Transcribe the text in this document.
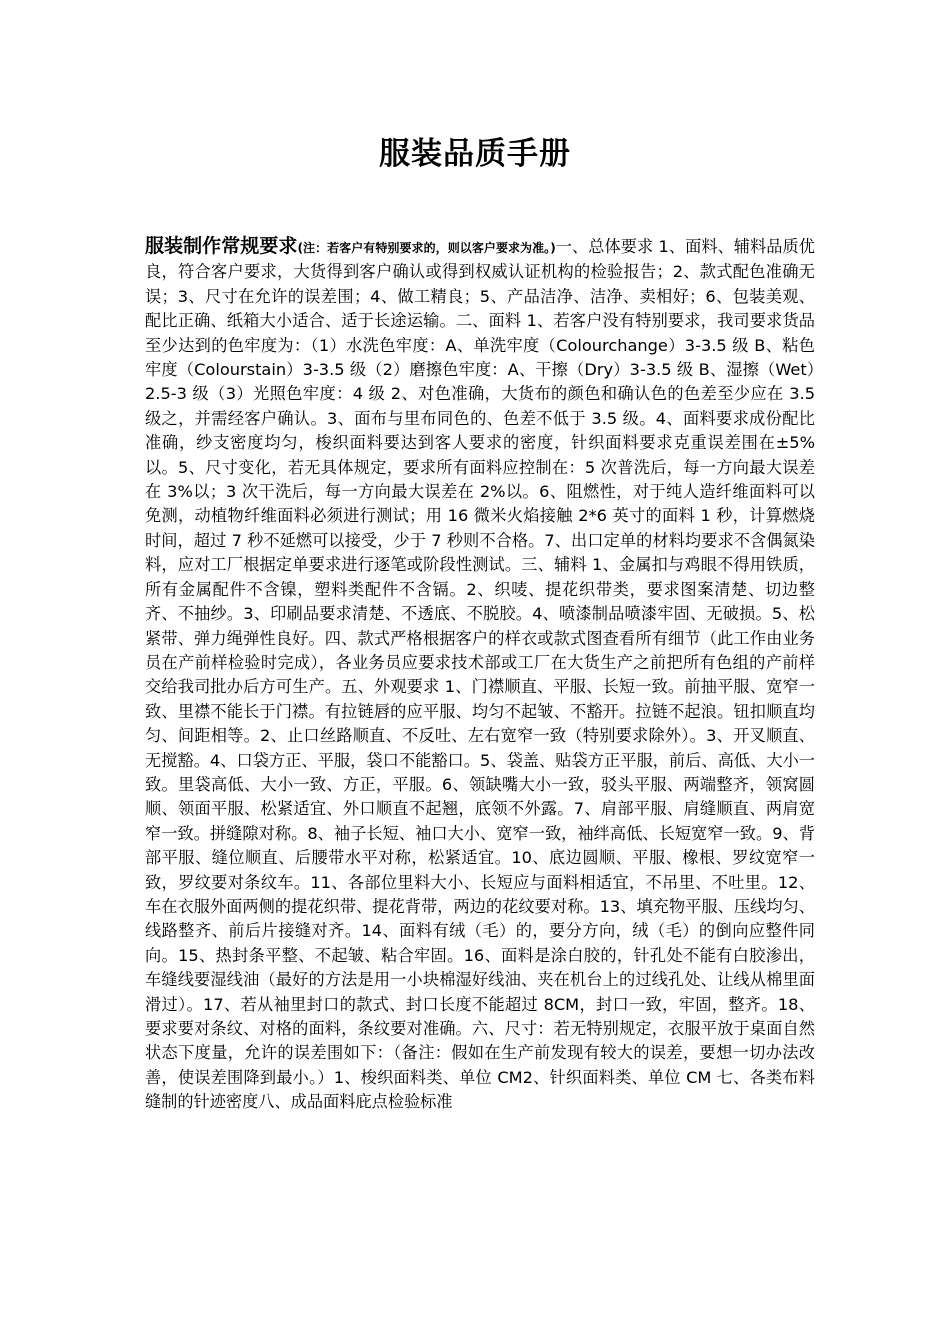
服装品质手册

服装制作常规要求(注：若客户有特别要求的，则以客户要求为准。)一、总体要求 1、面料、辅料品质优良，符合客户要求，大货得到客户确认或得到权威认证机构的检验报告；2、款式配色准确无误；3、尺寸在允许的误差围；4、做工精良；5、产品洁净、洁净、卖相好；6、包装美观、配比正确、纸箱大小适合、适于长途运输。二、面料 1、若客户没有特别要求，我司要求货品至少达到的色牢度为：（1）水洗色牢度：A、单洗牢度（Colourchange）3-3.5 级 B、粘色牢度（Colourstain）3-3.5 级（2）磨擦色牢度：A、干擦（Dry）3-3.5 级 B、湿擦（Wet）2.5-3 级（3）光照色牢度：4 级 2、对色准确，大货布的颜色和确认色的色差至少应在 3.5 级之，并需经客户确认。3、面布与里布同色的、色差不低于 3.5 级。4、面料要求成份配比准确，纱支密度均匀，梭织面料要达到客人要求的密度，针织面料要求克重误差围在±5%以。5、尺寸变化，若无具体规定，要求所有面料应控制在：5 次普洗后，每一方向最大误差在 3%以；3 次干洗后，每一方向最大误差在 2%以。6、阻燃性，对于纯人造纤维面料可以免测，动植物纤维面料必须进行测试；用 16 微米火焰接触 2*6 英寸的面料 1 秒，计算燃烧时间，超过 7 秒不延燃可以接受，少于 7 秒则不合格。7、出口定单的材料均要求不含偶氮染料，应对工厂根据定单要求进行逐笔或阶段性测试。三、辅料 1、金属扣与鸡眼不得用铁质，所有金属配件不含镍，塑料类配件不含镉。2、织唛、提花织带类，要求图案清楚、切边整齐、不抽纱。3、印刷品要求清楚、不透底、不脱胶。4、喷漆制品喷漆牢固、无破损。5、松紧带、弹力绳弹性良好。四、款式严格根据客户的样衣或款式图查看所有细节（此工作由业务员在产前样检验时完成），各业务员应要求技术部或工厂在大货生产之前把所有色组的产前样交给我司批办后方可生产。五、外观要求 1、门襟顺直、平服、长短一致。前抽平服、宽窄一致、里襟不能长于门襟。有拉链唇的应平服、均匀不起皱、不豁开。拉链不起浪。钮扣顺直均匀、间距相等。2、止口丝路顺直、不反吐、左右宽窄一致（特别要求除外）。3、开叉顺直、无搅豁。4、口袋方正、平服，袋口不能豁口。5、袋盖、贴袋方正平服，前后、高低、大小一致。里袋高低、大小一致、方正，平服。6、领缺嘴大小一致，驳头平服、两端整齐，领窝圆顺、领面平服、松紧适宜、外口顺直不起翘，底领不外露。7、肩部平服、肩缝顺直、两肩宽窄一致。拼缝隙对称。8、袖子长短、袖口大小、宽窄一致，袖绊高低、长短宽窄一致。9、背部平服、缝位顺直、后腰带水平对称，松紧适宜。10、底边圆顺、平服、橡根、罗纹宽窄一致，罗纹要对条纹车。11、各部位里料大小、长短应与面料相适宜，不吊里、不吐里。12、车在衣服外面两侧的提花织带、提花背带，两边的花纹要对称。13、填充物平服、压线均匀、线路整齐、前后片接缝对齐。14、面料有绒（毛）的，要分方向，绒（毛）的倒向应整件同向。15、热封条平整、不起皱、粘合牢固。16、面料是涂白胶的，针孔处不能有白胶渗出，车缝线要湿线油（最好的方法是用一小块棉湿好线油、夹在机台上的过线孔处、让线从棉里面滑过）。17、若从袖里封口的款式、封口长度不能超过 8CM，封口一致，牢固，整齐。18、要求要对条纹、对格的面料，条纹要对准确。六、尺寸：若无特别规定，衣服平放于桌面自然状态下度量，允许的误差围如下：（备注：假如在生产前发现有较大的误差，要想一切办法改善，使误差围降到最小。）1、梭织面料类、单位 CM2、针织面料类、单位 CM 七、各类布料缝制的针迹密度八、成品面料庇点检验标准
